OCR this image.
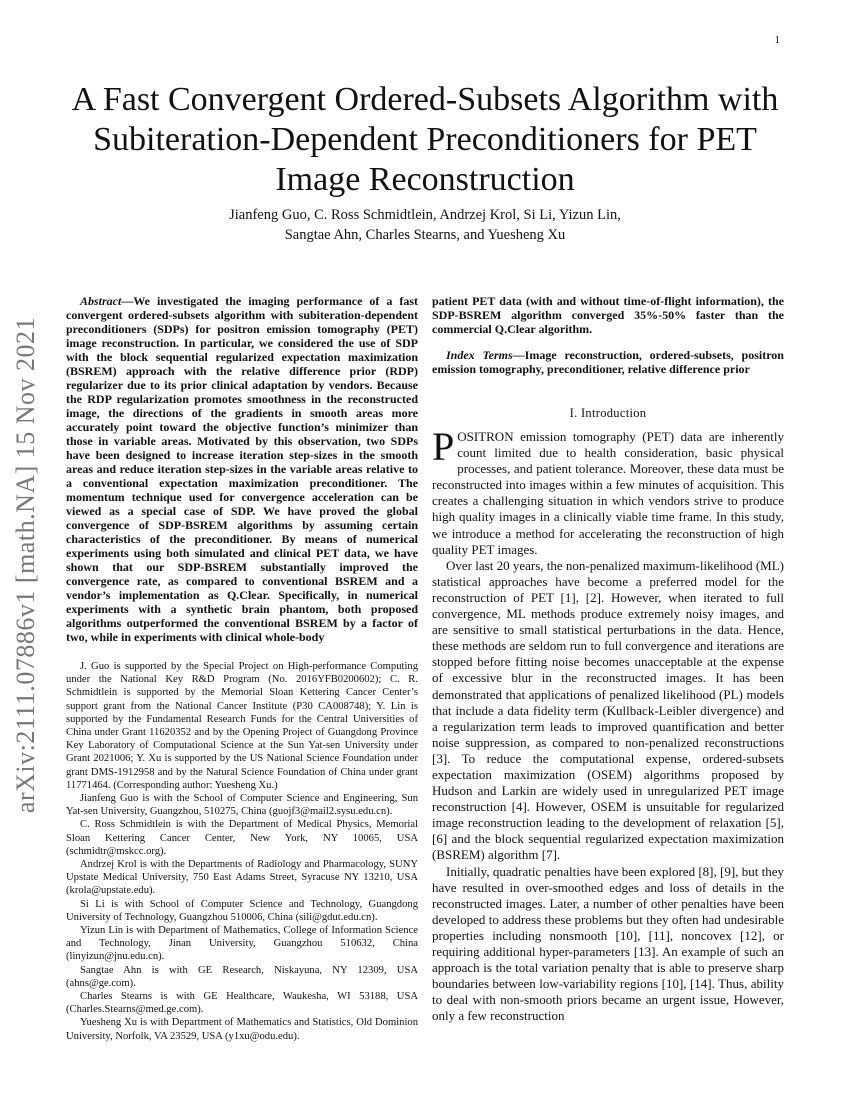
1
arXiv:2111.07886v1 [math.NA] 15 Nov 2021
A Fast Convergent Ordered-Subsets Algorithm with Subiteration-Dependent Preconditioners for PET Image Reconstruction
Jianfeng Guo, C. Ross Schmidtlein, Andrzej Krol, Si Li, Yizun Lin,
Sangtae Ahn, Charles Stearns, and Yuesheng Xu

Abstract—We investigated the imaging performance of a fast convergent ordered-subsets algorithm with subiteration-dependent preconditioners (SDPs) for positron emission tomography (PET) image reconstruction. In particular, we considered the use of SDP with the block sequential regularized expectation maximization (BSREM) approach with the relative difference prior (RDP) regularizer due to its prior clinical adaptation by vendors. Because the RDP regularization promotes smoothness in the reconstructed image, the directions of the gradients in smooth areas more accurately point toward the objective function’s minimizer than those in variable areas. Motivated by this observation, two SDPs have been designed to increase iteration step-sizes in the smooth areas and reduce iteration step-sizes in the variable areas relative to a conventional expectation maximization preconditioner. The momentum technique used for convergence acceleration can be viewed as a special case of SDP. We have proved the global convergence of SDP-BSREM algorithms by assuming certain characteristics of the preconditioner. By means of numerical experiments using both simulated and clinical PET data, we have shown that our SDP-BSREM substantially improved the convergence rate, as compared to conventional BSREM and a vendor’s implementation as Q.Clear. Specifically, in numerical experiments with a synthetic brain phantom, both proposed algorithms outperformed the conventional BSREM by a factor of two, while in experiments with clinical whole-body

J. Guo is supported by the Special Project on High-performance Computing under the National Key R&D Program (No. 2016YFB0200602); C. R. Schmidtlein is supported by the Memorial Sloan Kettering Cancer Center’s support grant from the National Cancer Institute (P30 CA008748); Y. Lin is supported by the Fundamental Research Funds for the Central Universities of China under Grant 11620352 and by the Opening Project of Guangdong Province Key Laboratory of Computational Science at the Sun Yat-sen University under Grant 2021006; Y. Xu is supported by the US National Science Foundation under grant DMS-1912958 and by the Natural Science Foundation of China under grant 11771464. (Corresponding author: Yuesheng Xu.)

Jianfeng Guo is with the School of Computer Science and Engineering, Sun Yat-sen University, Guangzhou, 510275, China (guojf3@mail2.sysu.edu.cn).

C. Ross Schmidtlein is with the Department of Medical Physics, Memorial Sloan Kettering Cancer Center, New York, NY 10065, USA (schmidtr@mskcc.org).

Andrzej Krol is with the Departments of Radiology and Pharmacology, SUNY Upstate Medical University, 750 East Adams Street, Syracuse NY 13210, USA (krola@upstate.edu).

Si Li is with School of Computer Science and Technology, Guangdong University of Technology, Guangzhou 510006, China (sili@gdut.edu.cn).

Yizun Lin is with Department of Mathematics, College of Information Science and Technology, Jinan University, Guangzhou 510632, China (linyizun@jnu.edu.cn).

Sangtae Ahn is with GE Research, Niskayuna, NY 12309, USA (ahns@ge.com).

Charles Stearns is with GE Healthcare, Waukesha, WI 53188, USA (Charles.Stearns@med.ge.com).

Yuesheng Xu is with Department of Mathematics and Statistics, Old Dominion University, Norfolk, VA 23529, USA (y1xu@odu.edu).

patient PET data (with and without time-of-flight information), the SDP-BSREM algorithm converged 35%-50% faster than the commercial Q.Clear algorithm.

Index Terms—Image reconstruction, ordered-subsets, positron emission tomography, preconditioner, relative difference prior

I. Introduction

POSITRON emission tomography (PET) data are inherently count limited due to health consideration, basic physical processes, and patient tolerance. Moreover, these data must be reconstructed into images within a few minutes of acquisition. This creates a challenging situation in which vendors strive to produce high quality images in a clinically viable time frame. In this study, we introduce a method for accelerating the reconstruction of high quality PET images.

Over last 20 years, the non-penalized maximum-likelihood (ML) statistical approaches have become a preferred model for the reconstruction of PET [1], [2]. However, when iterated to full convergence, ML methods produce extremely noisy images, and are sensitive to small statistical perturbations in the data. Hence, these methods are seldom run to full convergence and iterations are stopped before fitting noise becomes unacceptable at the expense of excessive blur in the reconstructed images. It has been demonstrated that applications of penalized likelihood (PL) models that include a data fidelity term (Kullback-Leibler divergence) and a regularization term leads to improved quantification and better noise suppression, as compared to non-penalized reconstructions [3]. To reduce the computational expense, ordered-subsets expectation maximization (OSEM) algorithms proposed by Hudson and Larkin are widely used in unregularized PET image reconstruction [4]. However, OSEM is unsuitable for regularized image reconstruction leading to the development of relaxation [5], [6] and the block sequential regularized expectation maximization (BSREM) algorithm [7].

Initially, quadratic penalties have been explored [8], [9], but they have resulted in over-smoothed edges and loss of details in the reconstructed images. Later, a number of other penalties have been developed to address these problems but they often had undesirable properties including nonsmooth [10], [11], noncovex [12], or requiring additional hyper-parameters [13]. An example of such an approach is the total variation penalty that is able to preserve sharp boundaries between low-variability regions [10], [14]. Thus, ability to deal with non-smooth priors became an urgent issue, However, only a few reconstruction
